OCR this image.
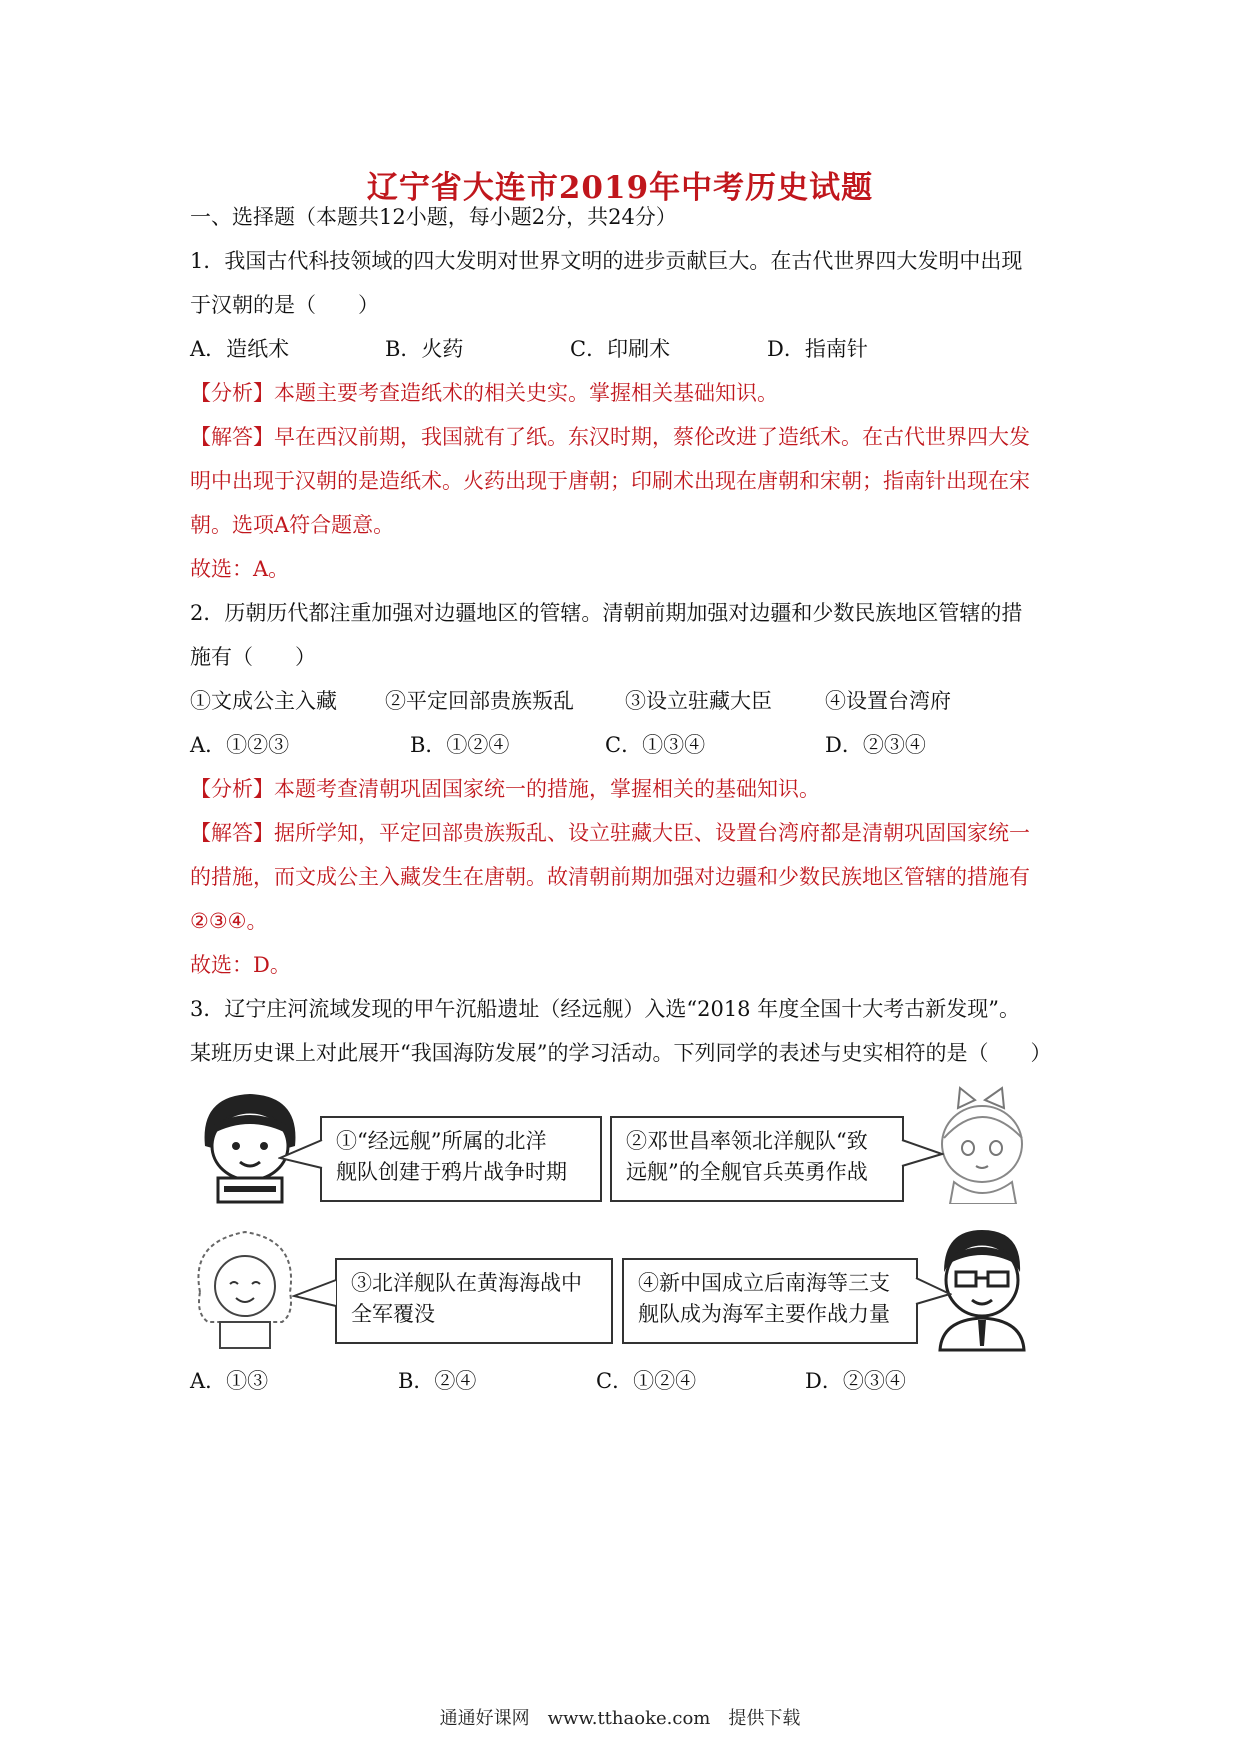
辽宁省大连市2019年中考历史试题
一、选择题（本题共12小题，每小题2分，共24分）
1．我国古代科技领域的四大发明对世界文明的进步贡献巨大。在古代世界四大发明中出现
于汉朝的是（　　）
A．造纸术	B．火药	C．印刷术	D．指南针
【分析】本题主要考查造纸术的相关史实。掌握相关基础知识。
【解答】早在西汉前期，我国就有了纸。东汉时期，蔡伦改进了造纸术。在古代世界四大发
明中出现于汉朝的是造纸术。火药出现于唐朝；印刷术出现在唐朝和宋朝；指南针出现在宋
朝。选项A符合题意。
故选：A。
2．历朝历代都注重加强对边疆地区的管辖。清朝前期加强对边疆和少数民族地区管辖的措
施有（　　）
①文成公主入藏 ②平定回部贵族叛乱 ③设立驻藏大臣	④设置台湾府
A．①②③	B．①②④	C．①③④	D．②③④
【分析】本题考查清朝巩固国家统一的措施，掌握相关的基础知识。
【解答】据所学知，平定回部贵族叛乱、设立驻藏大臣、设置台湾府都是清朝巩固国家统一
的措施，而文成公主入藏发生在唐朝。故清朝前期加强对边疆和少数民族地区管辖的措施有
②③④。
故选：D。
3．辽宁庄河流域发现的甲午沉船遗址（经远舰）入选“2018 年度全国十大考古新发现”。
某班历史课上对此展开“我国海防发展”的学习活动。下列同学的表述与史实相符的是（　　）
①“经远舰”所属的北洋
舰队创建于鸦片战争时期
②邓世昌率领北洋舰队“致
远舰”的全舰官兵英勇作战
③北洋舰队在黄海海战中
全军覆没
④新中国成立后南海等三支
舰队成为海军主要作战力量
A．①③	B．②④	C．①②④	D．②③④
通通好课网　www.tthaoke.com　提供下载
